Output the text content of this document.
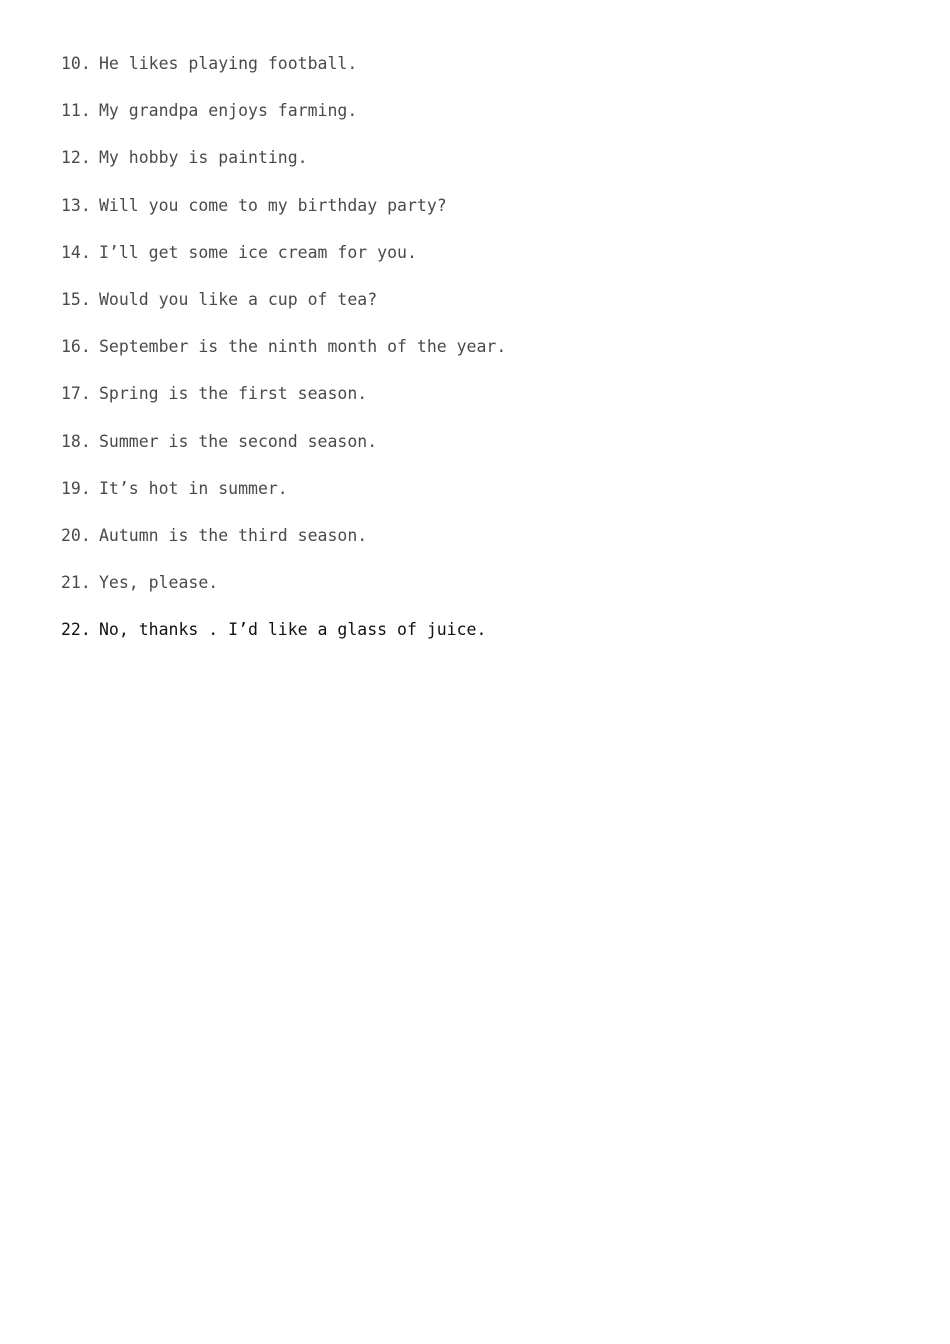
10. He likes playing football.
11. My grandpa enjoys farming.
12. My hobby is painting.
13. Will you come to my birthday party?
14. I’ll get some ice cream for you.
15. Would you like a cup of tea?
16. September is the ninth month of the year.
17. Spring is the first season.
18. Summer is the second season.
19. It’s hot in summer.
20. Autumn is the third season.
21. Yes, please.
22. No, thanks . I’d like a glass of juice.
